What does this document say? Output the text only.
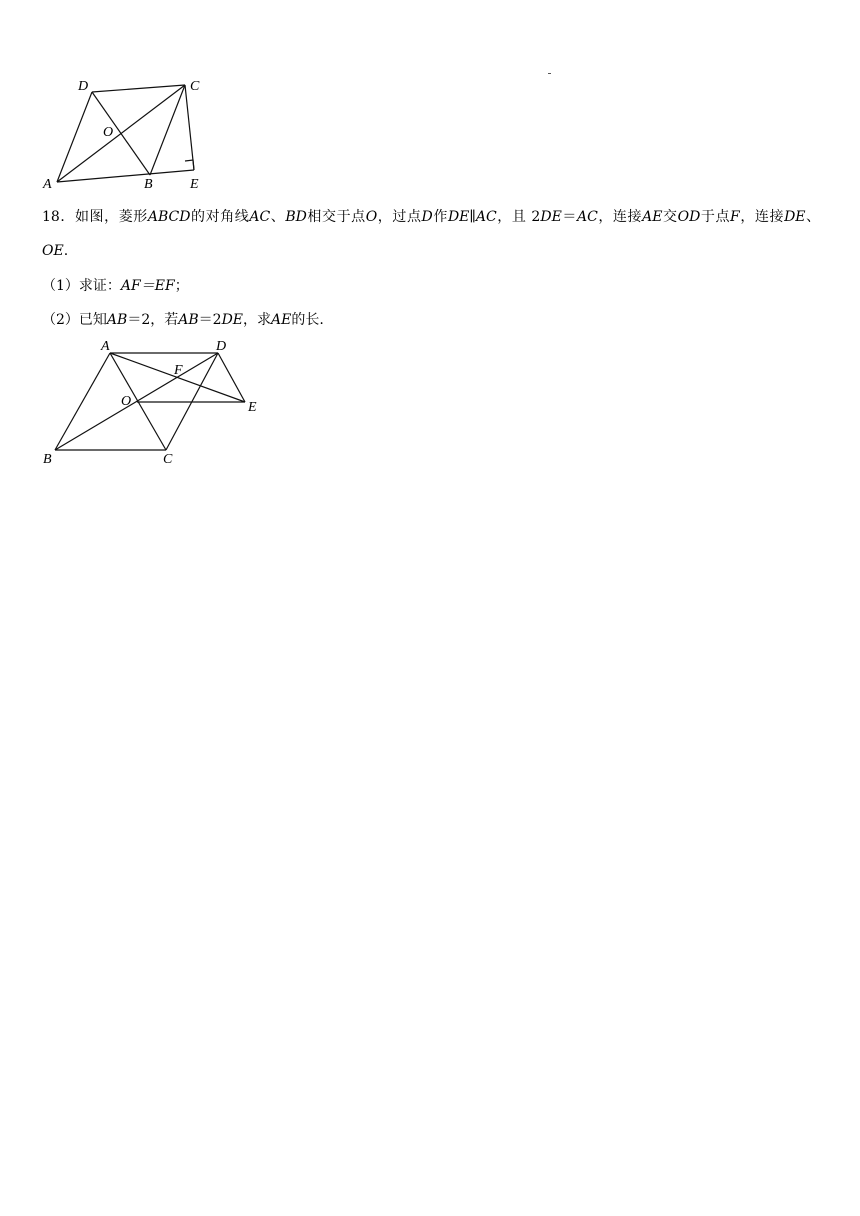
D	C
O
A	B	E
18．如图，菱形ABCD的对角线AC、BD相交于点O，过点D作DE∥AC，且 2DE＝AC，连接AE交OD于点F，连接DE、OE.
（1）求证：AF＝EF；
（2）已知AB＝2，若AB＝2DE，求AE的长.
A	D
F
O	E
B	C
